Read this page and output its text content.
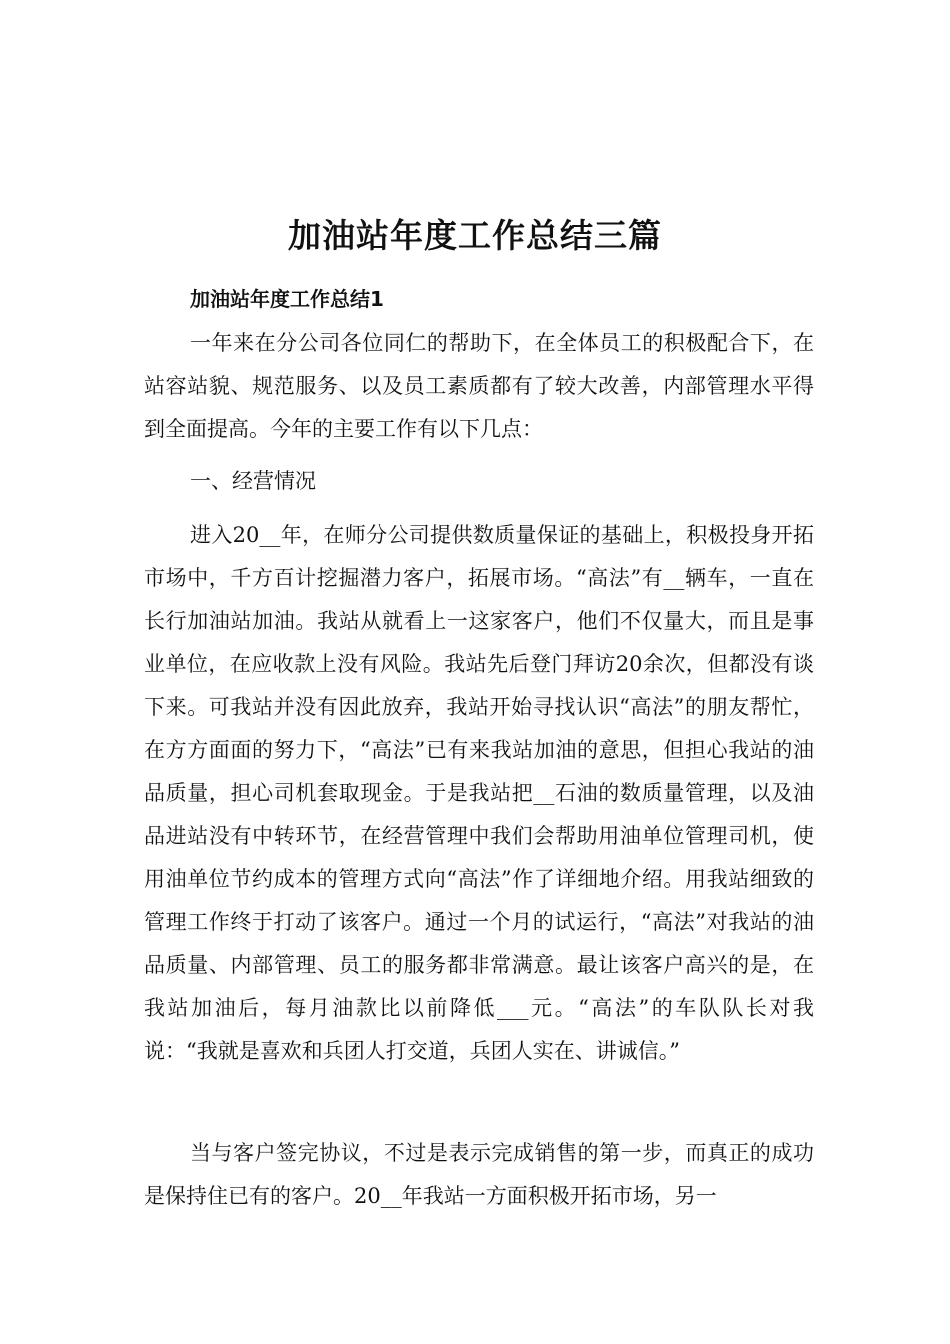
加油站年度工作总结三篇
加油站年度工作总结1

一年来在分公司各位同仁的帮助下，在全体员工的积极配合下，在站容站貌、规范服务、以及员工素质都有了较大改善，内部管理水平得到全面提高。今年的主要工作有以下几点：

一、经营情况

进入20__年，在师分公司提供数质量保证的基础上，积极投身开拓市场中，千方百计挖掘潜力客户，拓展市场。“高法”有__辆车，一直在长行加油站加油。我站从就看上一这家客户，他们不仅量大，而且是事业单位，在应收款上没有风险。我站先后登门拜访20余次，但都没有谈下来。可我站并没有因此放弃，我站开始寻找认识“高法”的朋友帮忙，在方方面面的努力下，“高法”已有来我站加油的意思，但担心我站的油品质量，担心司机套取现金。于是我站把__石油的数质量管理，以及油品进站没有中转环节，在经营管理中我们会帮助用油单位管理司机，使用油单位节约成本的管理方式向“高法”作了详细地介绍。用我站细致的管理工作终于打动了该客户。通过一个月的试运行，“高法”对我站的油品质量、内部管理、员工的服务都非常满意。最让该客户高兴的是，在我站加油后，每月油款比以前降低___元。“高法”的车队队长对我说：“我就是喜欢和兵团人打交道，兵团人实在、讲诚信。”

当与客户签完协议，不过是表示完成销售的第一步，而真正的成功是保持住已有的客户。20__年我站一方面积极开拓市场，另一
